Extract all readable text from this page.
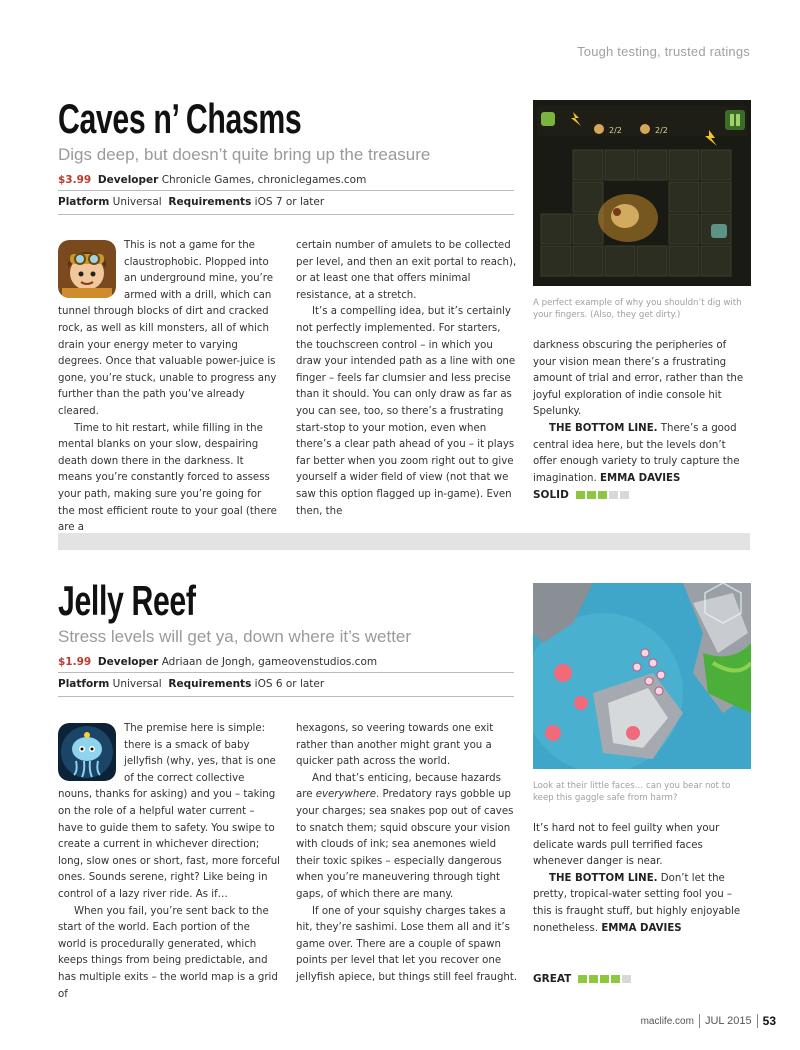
Tough testing, trusted ratings
Caves n’ Chasms
Digs deep, but doesn’t quite bring up the treasure
$3.99 Developer Chronicle Games, chroniclegames.com
Platform Universal Requirements iOS 7 or later

This is not a game for the claustrophobic. Plopped into an underground mine, you’re armed with a drill, which can tunnel through blocks of dirt and cracked rock, as well as kill monsters, all of which drain your energy meter to varying degrees. Once that valuable power-juice is gone, you’re stuck, unable to progress any further than the path you’ve already cleared.

Time to hit restart, while filling in the mental blanks on your slow, despairing death down there in the darkness. It means you’re constantly forced to assess your path, making sure you’re going for the most efficient route to your goal (there are a

certain number of amulets to be collected per level, and then an exit portal to reach), or at least one that offers minimal resistance, at a stretch.

It’s a compelling idea, but it’s certainly not perfectly implemented. For starters, the touchscreen control – in which you draw your intended path as a line with one finger – feels far clumsier and less precise than it should. You can only draw as far as you can see, too, so there’s a frustrating start-stop to your motion, even when there’s a clear path ahead of you – it plays far better when you zoom right out to give yourself a wider field of view (not that we saw this option flagged up in-game). Even then, the

darkness obscuring the peripheries of your vision mean there’s a frustrating amount of trial and error, rather than the joyful exploration of indie console hit Spelunky.

THE BOTTOM LINE. There’s a good central idea here, but the levels don’t offer enough variety to truly capture the imagination. EMMA DAVIES

2/2	2/2
A perfect example of why you shouldn’t dig with your fingers. (Also, they get dirty.)
SOLID
Jelly Reef
Stress levels will get ya, down where it’s wetter
$1.99 Developer Adriaan de Jongh, gameovenstudios.com
Platform Universal Requirements iOS 6 or later

The premise here is simple: there is a smack of baby jellyfish (why, yes, that is one of the correct collective nouns, thanks for asking) and you – taking on the role of a helpful water current – have to guide them to safety. You swipe to create a current in whichever direction; long, slow ones or short, fast, more forceful ones. Sounds serene, right? Like being in control of a lazy river ride. As if…

When you fail, you’re sent back to the start of the world. Each portion of the world is procedurally generated, which keeps things from being predictable, and has multiple exits – the world map is a grid of

hexagons, so veering towards one exit rather than another might grant you a quicker path across the world.

And that’s enticing, because hazards are everywhere. Predatory rays gobble up your charges; sea snakes pop out of caves to snatch them; squid obscure your vision with clouds of ink; sea anemones wield their toxic spikes – especially dangerous when you’re maneuvering through tight gaps, of which there are many.

If one of your squishy charges takes a hit, they’re sashimi. Lose them all and it’s game over. There are a couple of spawn points per level that let you recover one jellyfish apiece, but things still feel fraught.

It’s hard not to feel guilty when your delicate wards pull terrified faces whenever danger is near.

THE BOTTOM LINE. Don’t let the pretty, tropical-water setting fool you – this is fraught stuff, but highly enjoyable nonetheless. EMMA DAVIES

Look at their little faces… can you bear not to keep this gaggle safe from harm?
GREAT
maclife.com JUL 2015 53
